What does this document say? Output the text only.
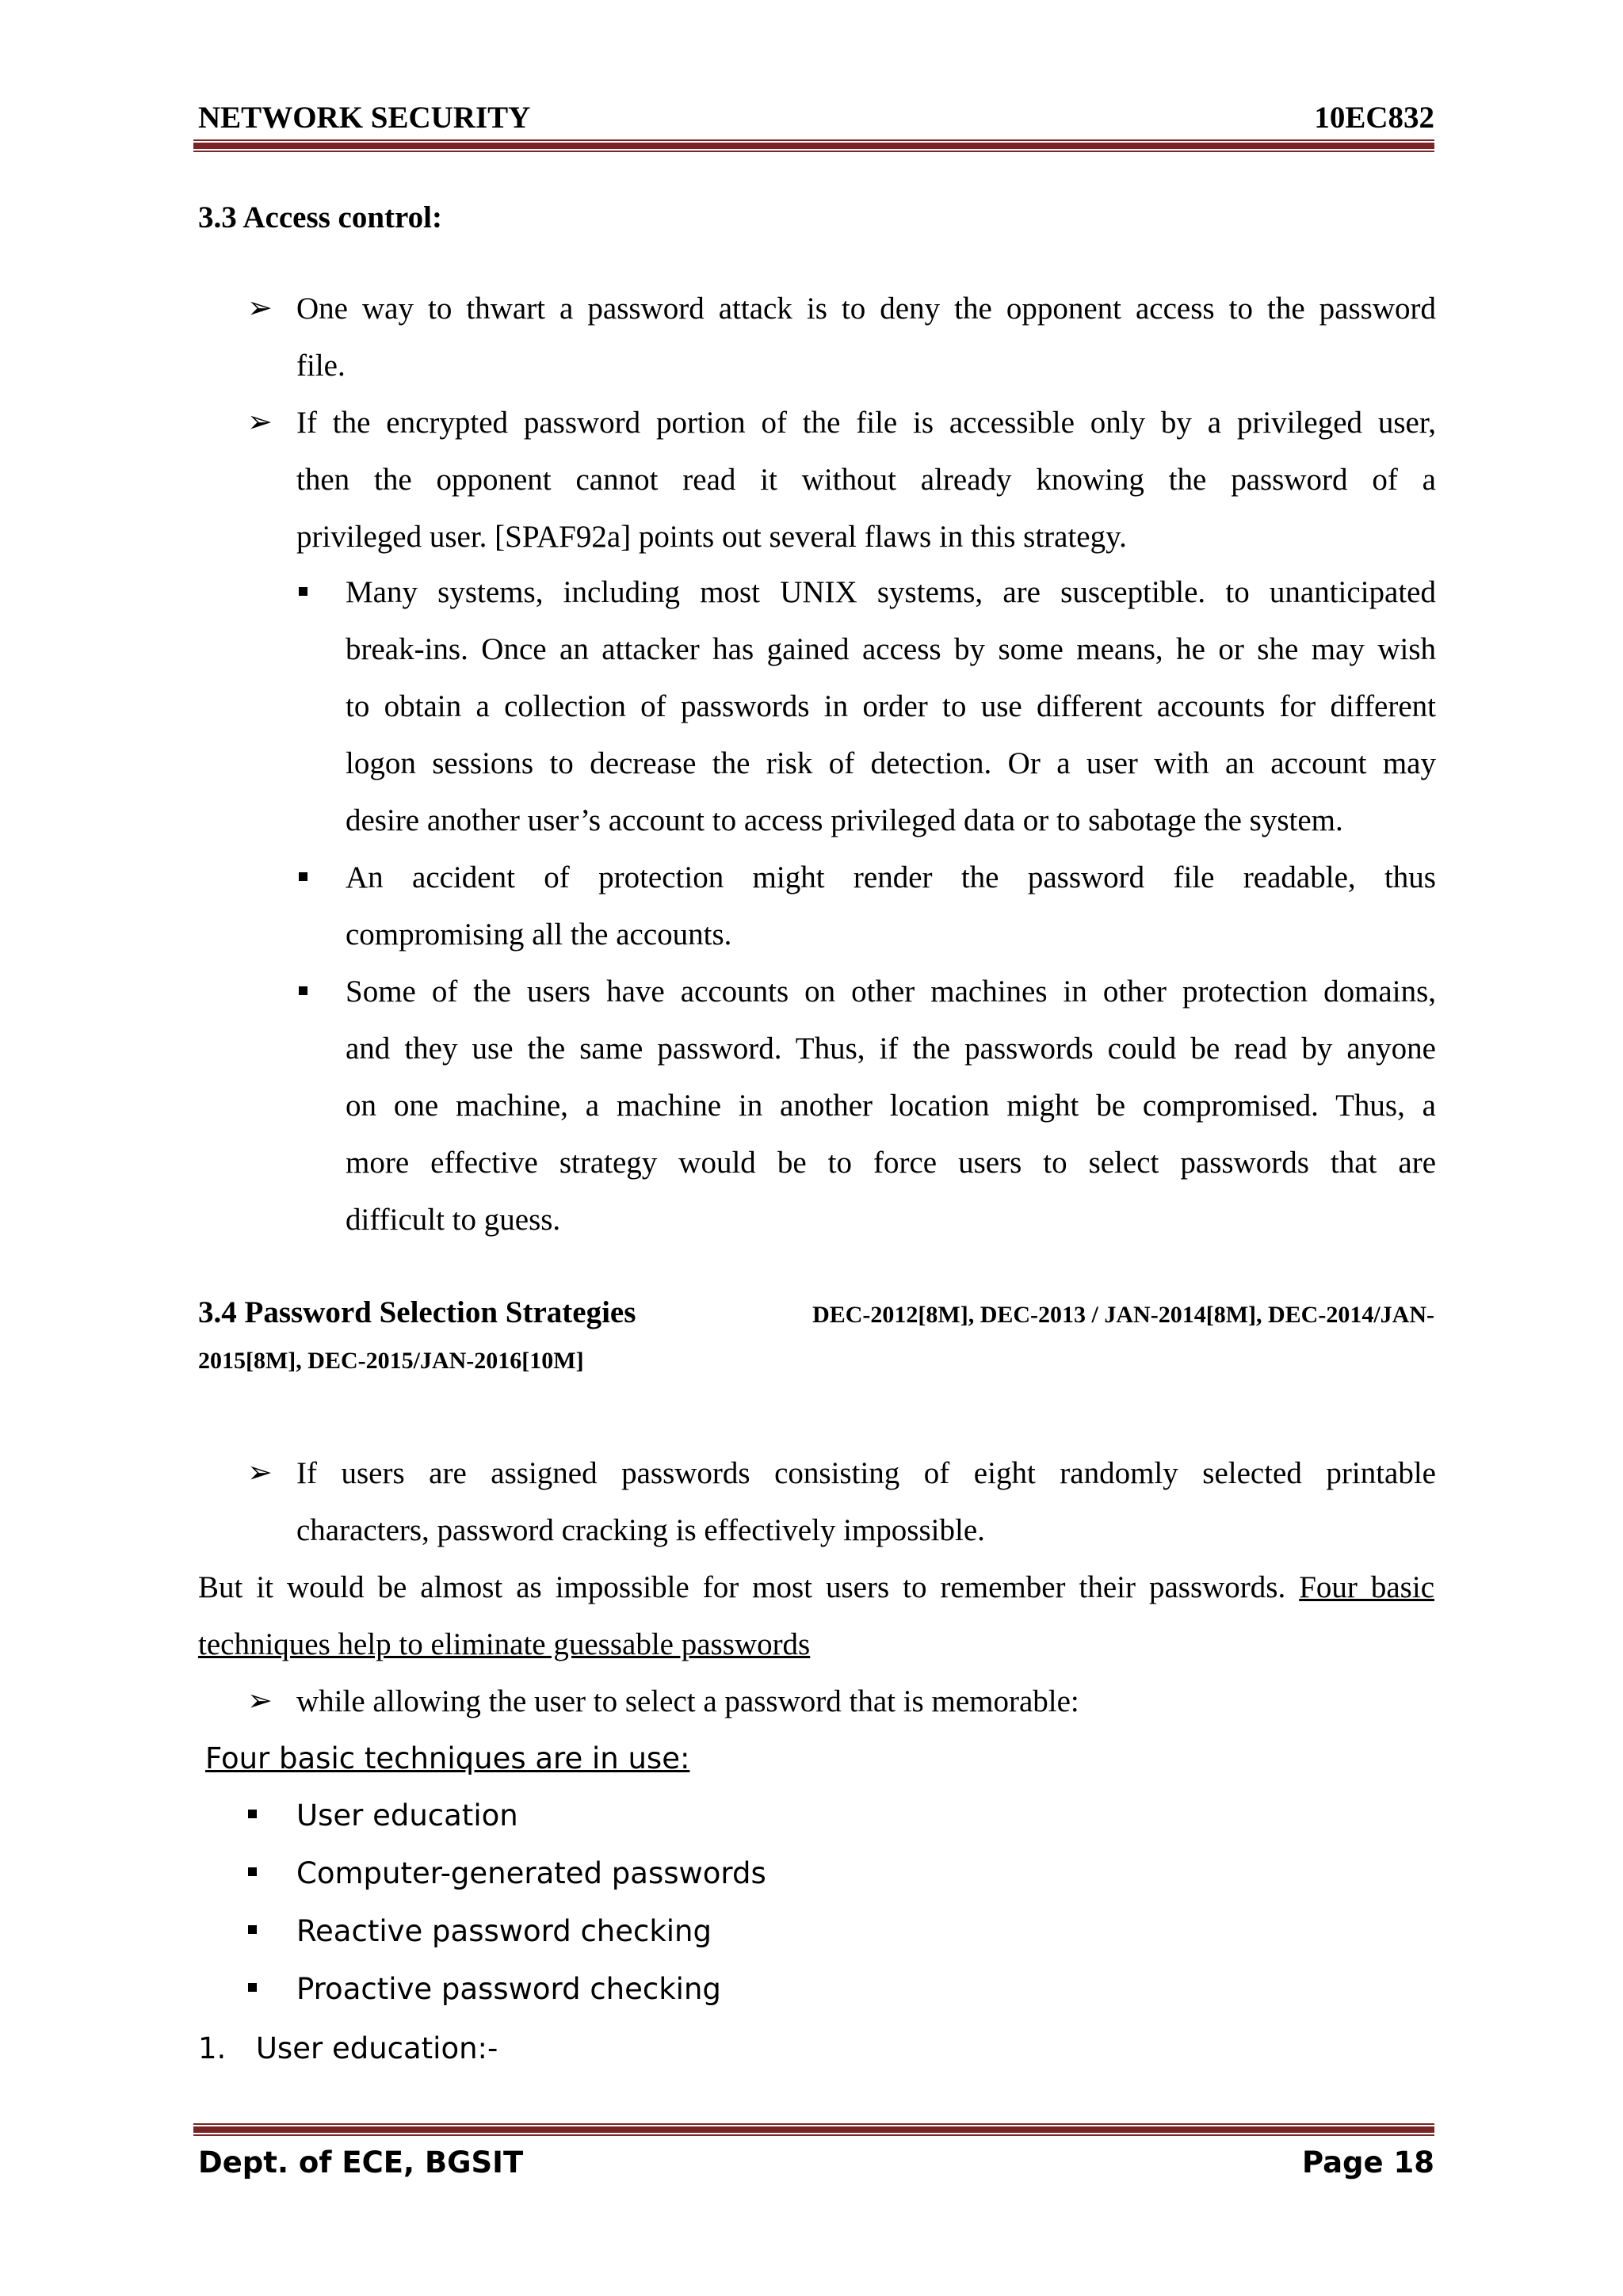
NETWORK SECURITY	10EC832
3.3 Access control:
➢ One way to thwart a password attack is to deny the opponent access to the password
file.
➢ If the encrypted password portion of the file is accessible only by a privileged user,
then the opponent cannot read it without already knowing the password of a
privileged user. [SPAF92a] points out several flaws in this strategy.
Many systems, including most UNIX systems, are susceptible. to unanticipated
break-ins. Once an attacker has gained access by some means, he or she may wish
to obtain a collection of passwords in order to use different accounts for different
logon sessions to decrease the risk of detection. Or a user with an account may
desire another user’s account to access privileged data or to sabotage the system.
An accident of protection might render the password file readable, thus
compromising all the accounts.
Some of the users have accounts on other machines in other protection domains,
and they use the same password. Thus, if the passwords could be read by anyone
on one machine, a machine in another location might be compromised. Thus, a
more effective strategy would be to force users to select passwords that are
difficult to guess.
3.4 Password Selection Strategies	DEC-2012[8M], DEC-2013 / JAN-2014[8M], DEC-2014/JAN-
2015[8M], DEC-2015/JAN-2016[10M]
➢ If users are assigned passwords consisting of eight randomly selected printable
characters, password cracking is effectively impossible.
But it would be almost as impossible for most users to remember their passwords. Four basic
techniques help to eliminate guessable passwords
➢ while allowing the user to select a password that is memorable:
Four basic techniques are in use:
User education
Computer-generated passwords
Reactive password checking
Proactive password checking
1. User education:-
Dept. of ECE, BGSIT	Page 18
